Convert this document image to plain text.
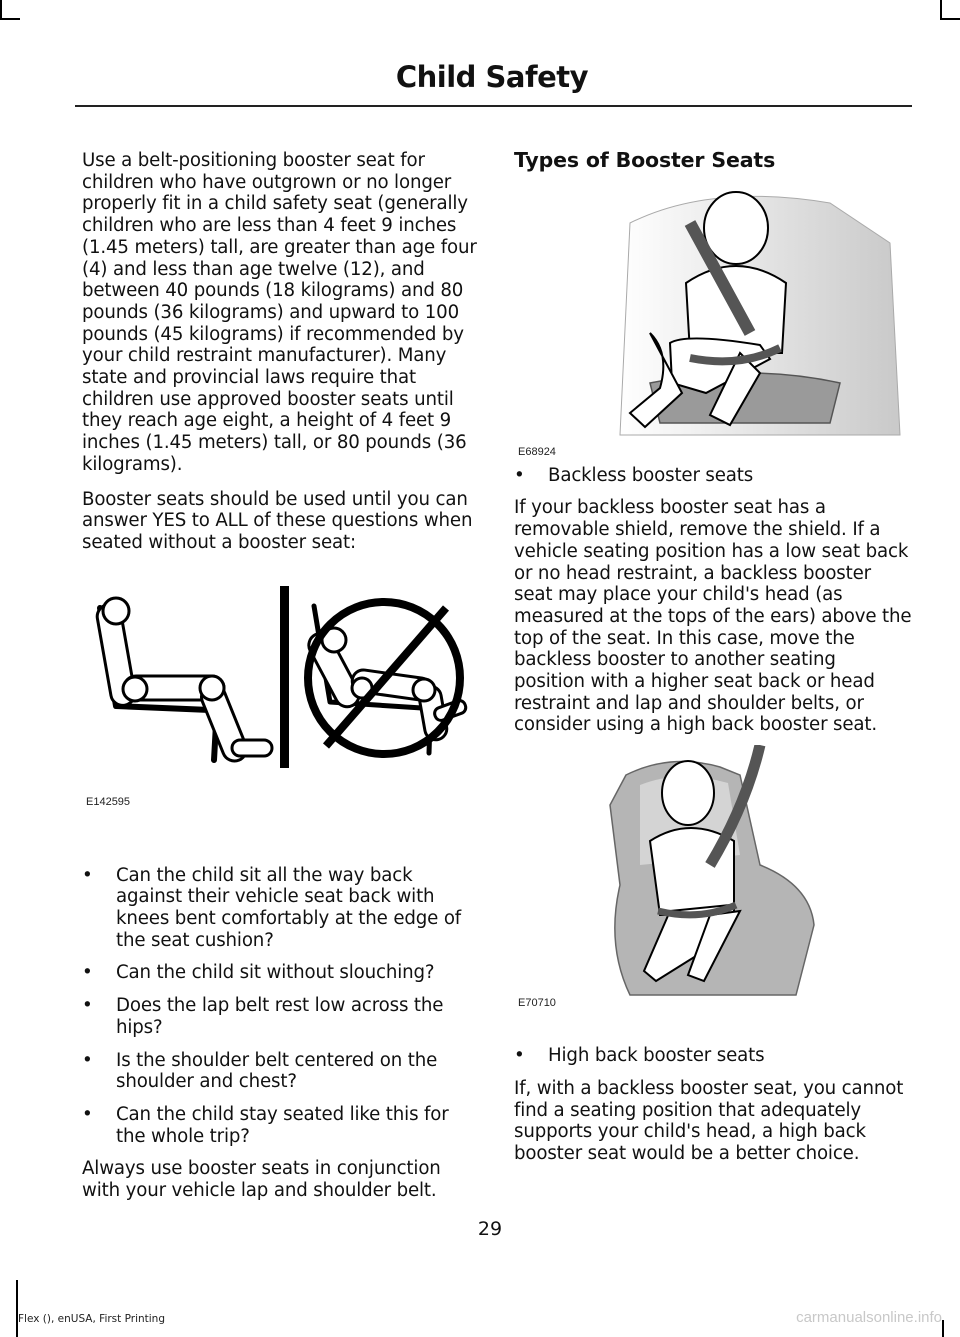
Child Safety

Use a belt-positioning booster seat for children who have outgrown or no longer properly fit in a child safety seat (generally children who are less than 4 feet 9 inches (1.45 meters) tall, are greater than age four (4) and less than age twelve (12), and between 40 pounds (18 kilograms) and 80 pounds (36 kilograms) and upward to 100 pounds (45 kilograms) if recommended by your child restraint manufacturer). Many state and provincial laws require that children use approved booster seats until they reach age eight, a height of 4 feet 9 inches (1.45 meters) tall, or 80 pounds (36 kilograms).

Booster seats should be used until you can answer YES to ALL of these questions when seated without a booster seat:

• Can the child sit all the way back against their vehicle seat back with knees bent comfortably at the edge of the seat cushion?
• Can the child sit without slouching?
• Does the lap belt rest low across the hips?
• Is the shoulder belt centered on the shoulder and chest?
• Can the child stay seated like this for the whole trip?

Always use booster seats in conjunction with your vehicle lap and shoulder belt.

E142595
Types of Booster Seats
• Backless booster seats

If your backless booster seat has a removable shield, remove the shield. If a vehicle seating position has a low seat back or no head restraint, a backless booster seat may place your child's head (as measured at the tops of the ears) above the top of the seat. In this case, move the backless booster to another seating position with a higher seat back or head restraint and lap and shoulder belts, or consider using a high back booster seat.

• High back booster seats

If, with a backless booster seat, you cannot find a seating position that adequately supports your child's head, a high back booster seat would be a better choice.

E68924
E70710
29
Flex (), enUSA, First Printing	carmanualsonline.info
